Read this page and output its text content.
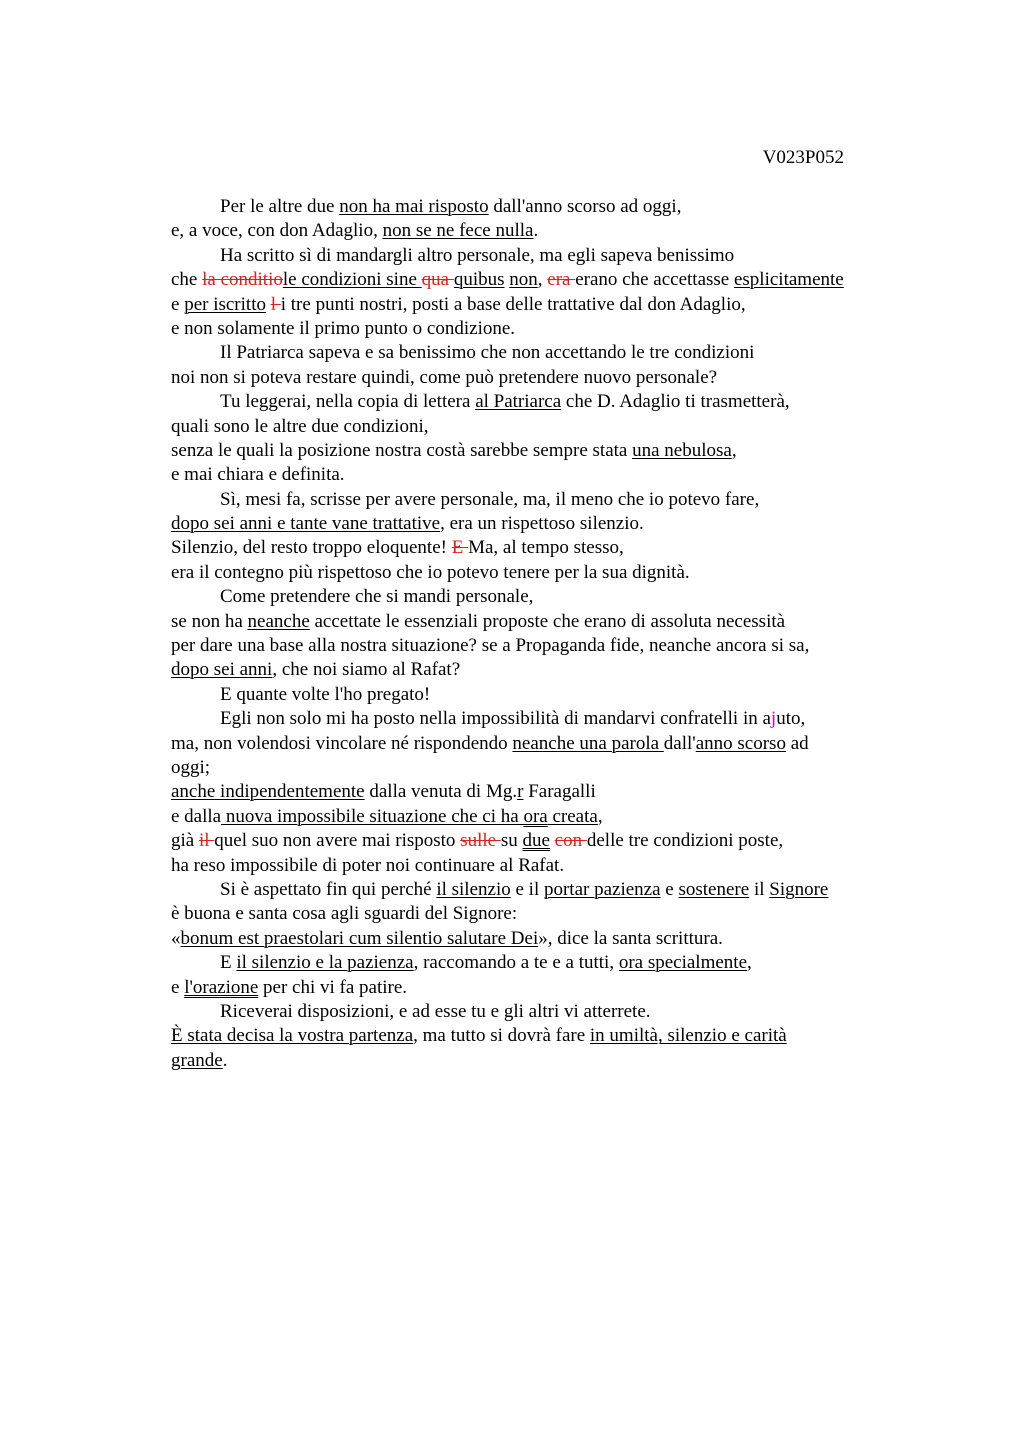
V023P052
Per le altre due non ha mai risposto dall'anno scorso ad oggi,
e, a voce, con don Adaglio, non se ne fece nulla.
Ha scritto sì di mandargli altro personale, ma egli sapeva benissimo
che la conditiole condizioni sine qua quibus non, era erano che accettasse esplicitamente
e per iscritto l i tre punti nostri, posti a base delle trattative dal don Adaglio,
e non solamente il primo punto o condizione.
Il Patriarca sapeva e sa benissimo che non accettando le tre condizioni
noi non si poteva restare quindi, come può pretendere nuovo personale?
Tu leggerai, nella copia di lettera al Patriarca che D. Adaglio ti trasmetterà,
quali sono le altre due condizioni,
senza le quali la posizione nostra costà sarebbe sempre stata una nebulosa,
e mai chiara e definita.
Sì, mesi fa, scrisse per avere personale, ma, il meno che io potevo fare,
dopo sei anni e tante vane trattative, era un rispettoso silenzio.
Silenzio, del resto troppo eloquente! E Ma, al tempo stesso,
era il contegno più rispettoso che io potevo tenere per la sua dignità.
Come pretendere che si mandi personale,
se non ha neanche accettate le essenziali proposte che erano di assoluta necessità
per dare una base alla nostra situazione? se a Propaganda fide, neanche ancora si sa,
dopo sei anni, che noi siamo al Rafat?
E quante volte l'ho pregato!
Egli non solo mi ha posto nella impossibilità di mandarvi confratelli in ajuto,
ma, non volendosi vincolare né rispondendo neanche una parola dall'anno scorso ad
oggi;
anche indipendentemente dalla venuta di Mg.r Faragalli
e dalla nuova impossibile situazione che ci ha ora creata,
già il quel suo non avere mai risposto sulle su due con delle tre condizioni poste,
ha reso impossibile di poter noi continuare al Rafat.
Si è aspettato fin qui perché il silenzio e il portar pazienza e sostenere il Signore
è buona e santa cosa agli sguardi del Signore:
«bonum est praestolari cum silentio salutare Dei», dice la santa scrittura.
E il silenzio e la pazienza, raccomando a te e a tutti, ora specialmente,
e l'orazione per chi vi fa patire.
Riceverai disposizioni, e ad esse tu e gli altri vi atterrete.
È stata decisa la vostra partenza, ma tutto si dovrà fare in umiltà, silenzio e carità
grande.
